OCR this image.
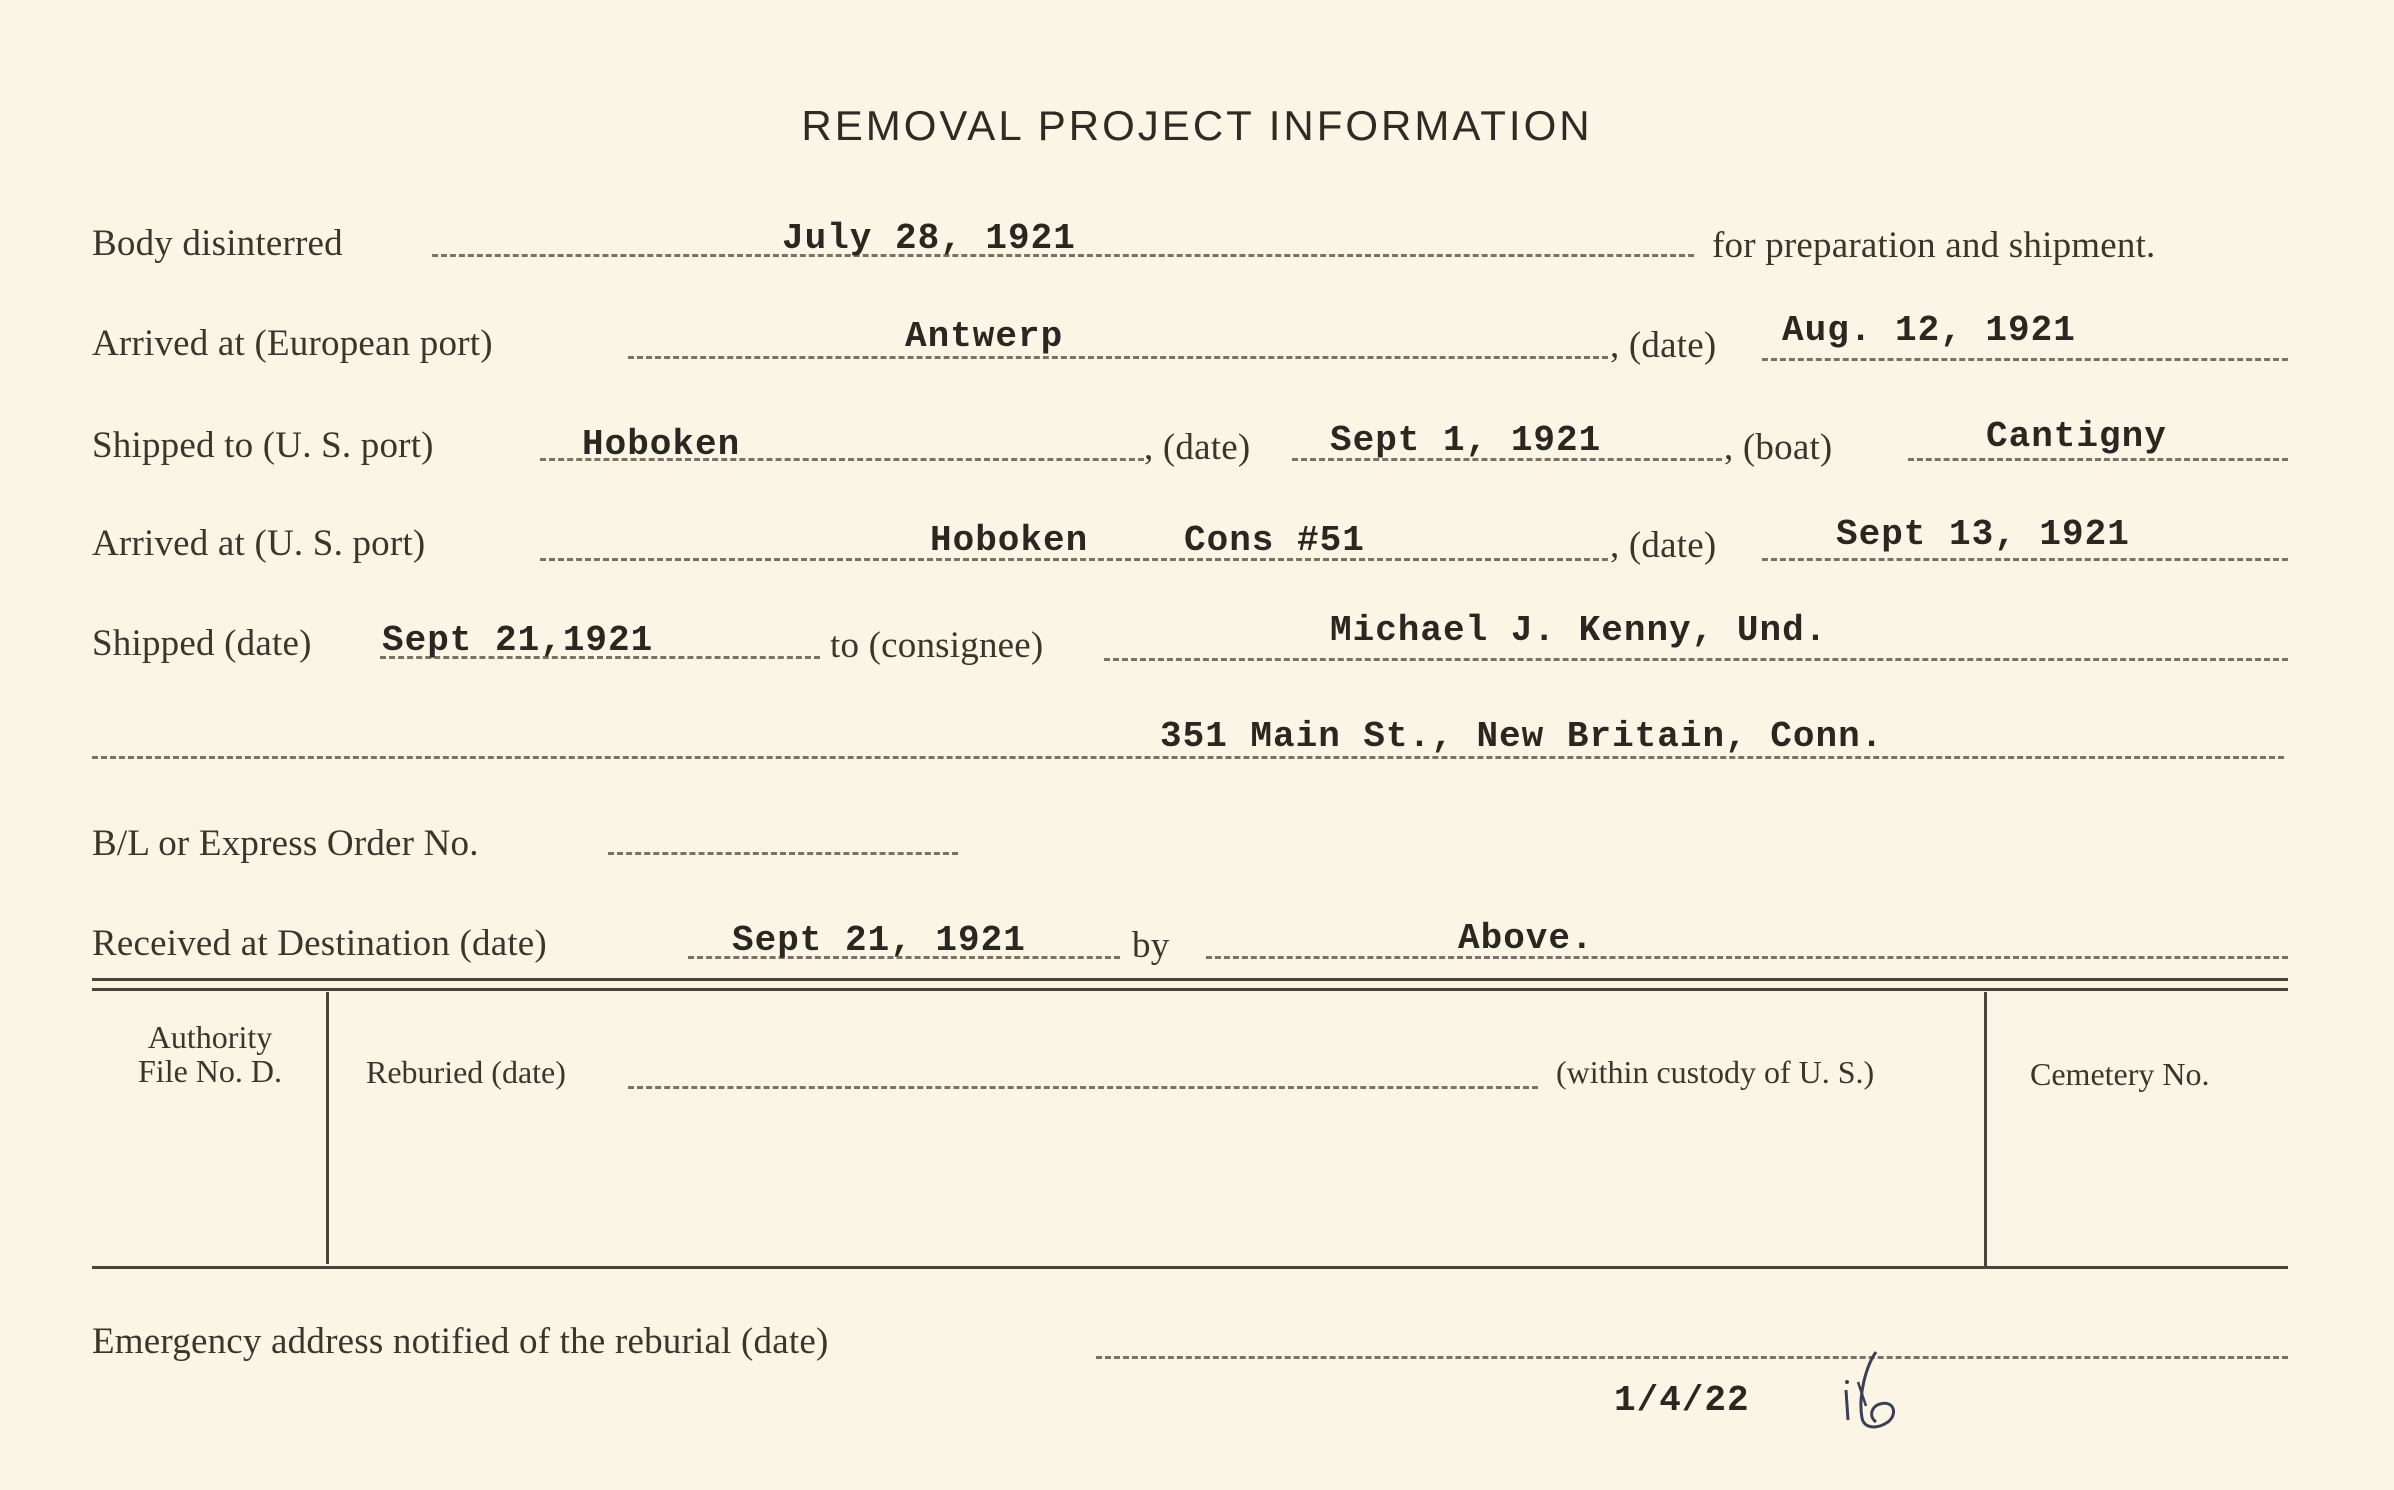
REMOVAL PROJECT INFORMATION
Body disinterred	July 28, 1921	for preparation and shipment.
Arrived at (European port)	Antwerp	, (date) Aug. 12, 1921
Shipped to (U. S. port)	Hoboken	, (date) Sept 1, 1921	, (boat)	Cantigny
Arrived at (U. S. port)	Hoboken	Cons #51	, (date)	Sept 13, 1921
Shipped (date) Sept 21,1921	to (consignee)	Michael J. Kenny, Und.
351 Main St., New Britain, Conn.
B/L or Express Order No.
Received at Destination (date)	Sept 21, 1921	by	Above.
Authority
File No. D.	Reburied (date)	(within custody of U. S.)	Cemetery No.
Emergency address notified of the reburial (date)
1/4/22
